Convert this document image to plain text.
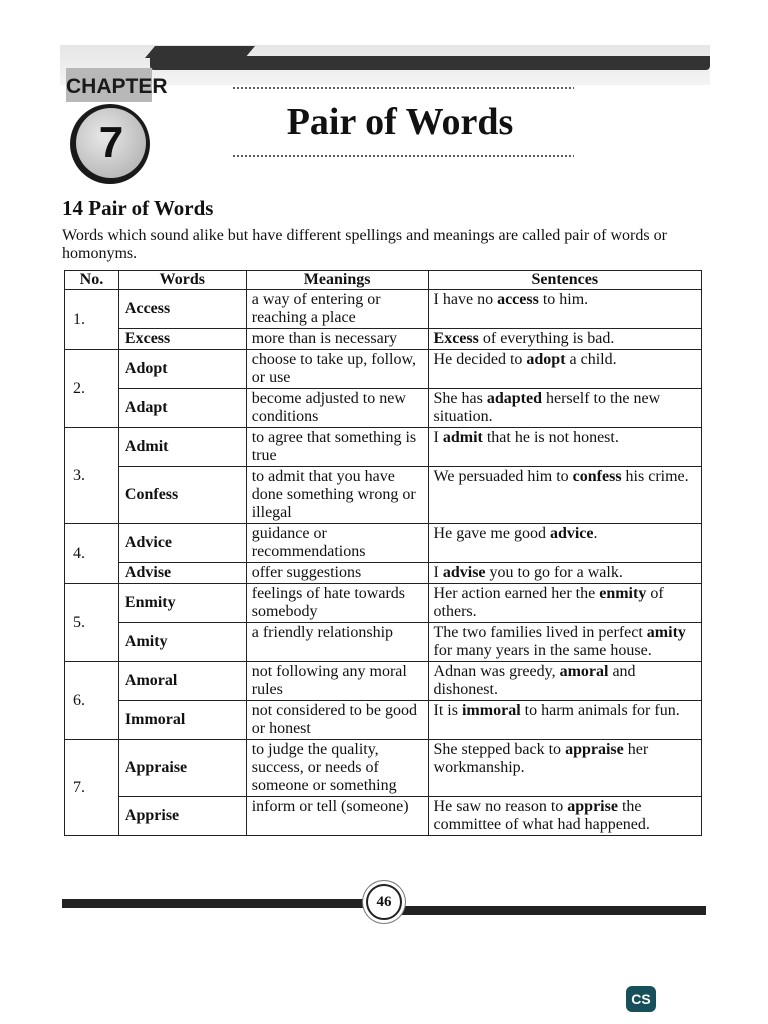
CHAPTER
7	Pair of Words
14 Pair of Words
Words which sound alike but have different spellings and meanings are called pair of words or homonyms.
No.	Words	Meanings	Sentences
1.	Access	a way of entering or reaching a place	I have no access to him.
	Excess	more than is necessary	Excess of everything is bad.
2.	Adopt	choose to take up, follow, or use	He decided to adopt a child.
	Adapt	become adjusted to new conditions	She has adapted herself to the new situation.
3.	Admit	to agree that something is true	I admit that he is not honest.
	Confess	to admit that you have done something wrong or illegal	We persuaded him to confess his crime.
4.	Advice	guidance or recommendations	He gave me good advice.
	Advise	offer suggestions	I advise you to go for a walk.
5.	Enmity	feelings of hate towards somebody	Her action earned her the enmity of others.
	Amity	a friendly relationship	The two families lived in perfect amity for many years in the same house.
6.	Amoral	not following any moral rules	Adnan was greedy, amoral and dishonest.
	Immoral	not considered to be good or honest	It is immoral to harm animals for fun.
7.	Appraise	to judge the quality, success, or needs of someone or something	She stepped back to appraise her workmanship.
	Apprise	inform or tell (someone)	He saw no reason to apprise the committee of what had happened.
46
CS
